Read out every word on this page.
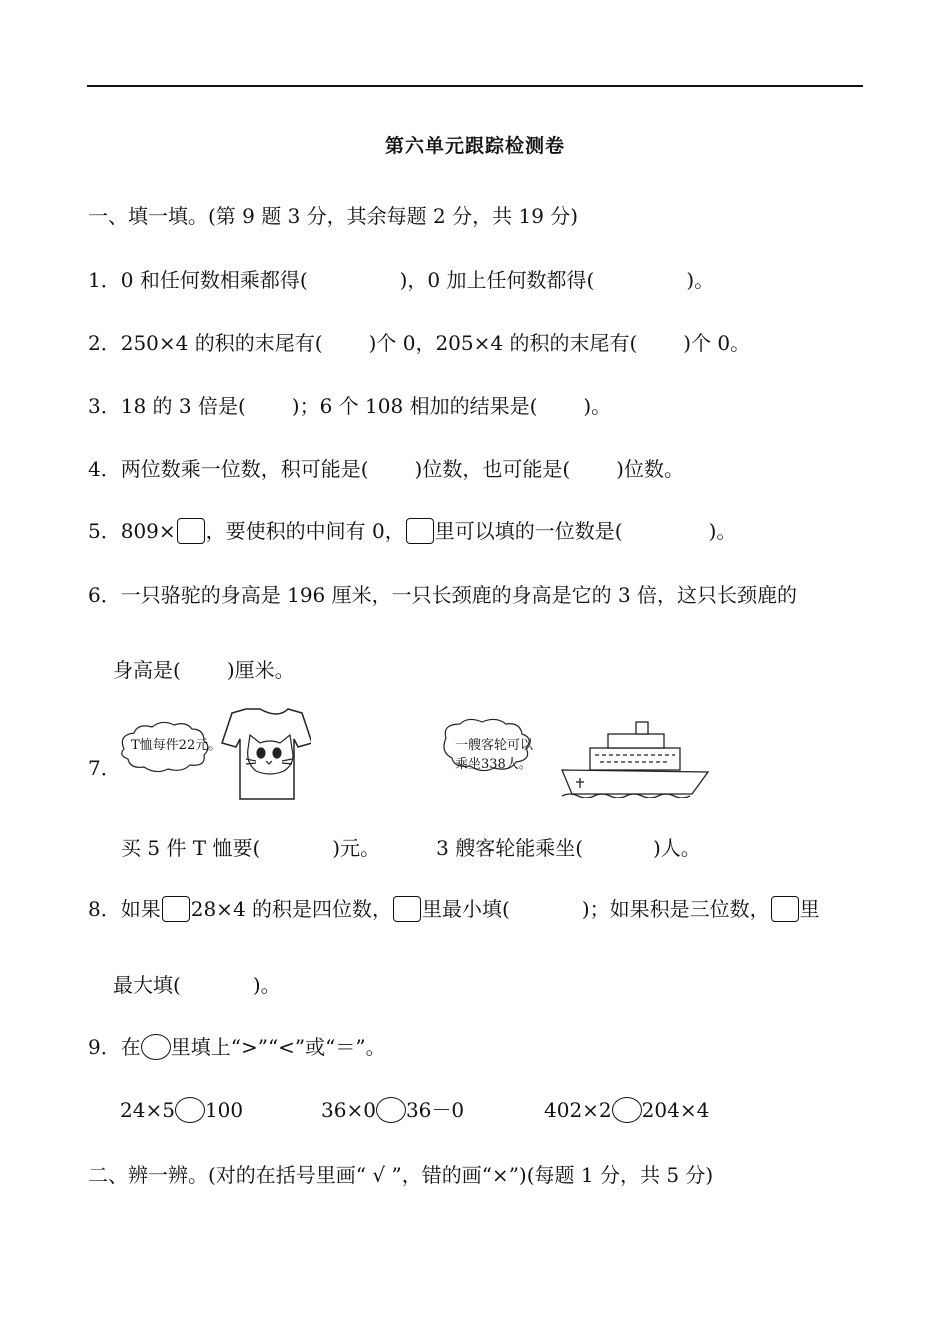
第六单元跟踪检测卷
一、填一填。(第 9 题 3 分，其余每题 2 分，共 19 分)
1．0 和任何数相乘都得(	)，0 加上任何数都得(	)。
2．250×4 的积的末尾有( )个 0，205×4 的积的末尾有( )个 0。
3．18 的 3 倍是( )；6 个 108 相加的结果是( )。
4．两位数乘一位数，积可能是( )位数，也可能是( )位数。
5．809× ，要使积的中间有 0， 里可以填的一位数是(	)。
6．一只骆驼的身高是 196 厘米，一只长颈鹿的身高是它的 3 倍，这只长颈鹿的
身高是( )厘米。
7．
T恤每件22元。	一艘客轮可以
乘坐338人。
买 5 件 T 恤要(	)元。	3 艘客轮能乘坐(	)人。
8．如果 28×4 的积是四位数， 里最小填(	)；如果积是三位数， 里
最大填(	)。
9．在 里填上“>”“<”或“＝”。
24×5 100	36×0 36－0	402×2 204×4
二、辨一辨。(对的在括号里画“ √ ”，错的画“×”)(每题 1 分，共 5 分)
